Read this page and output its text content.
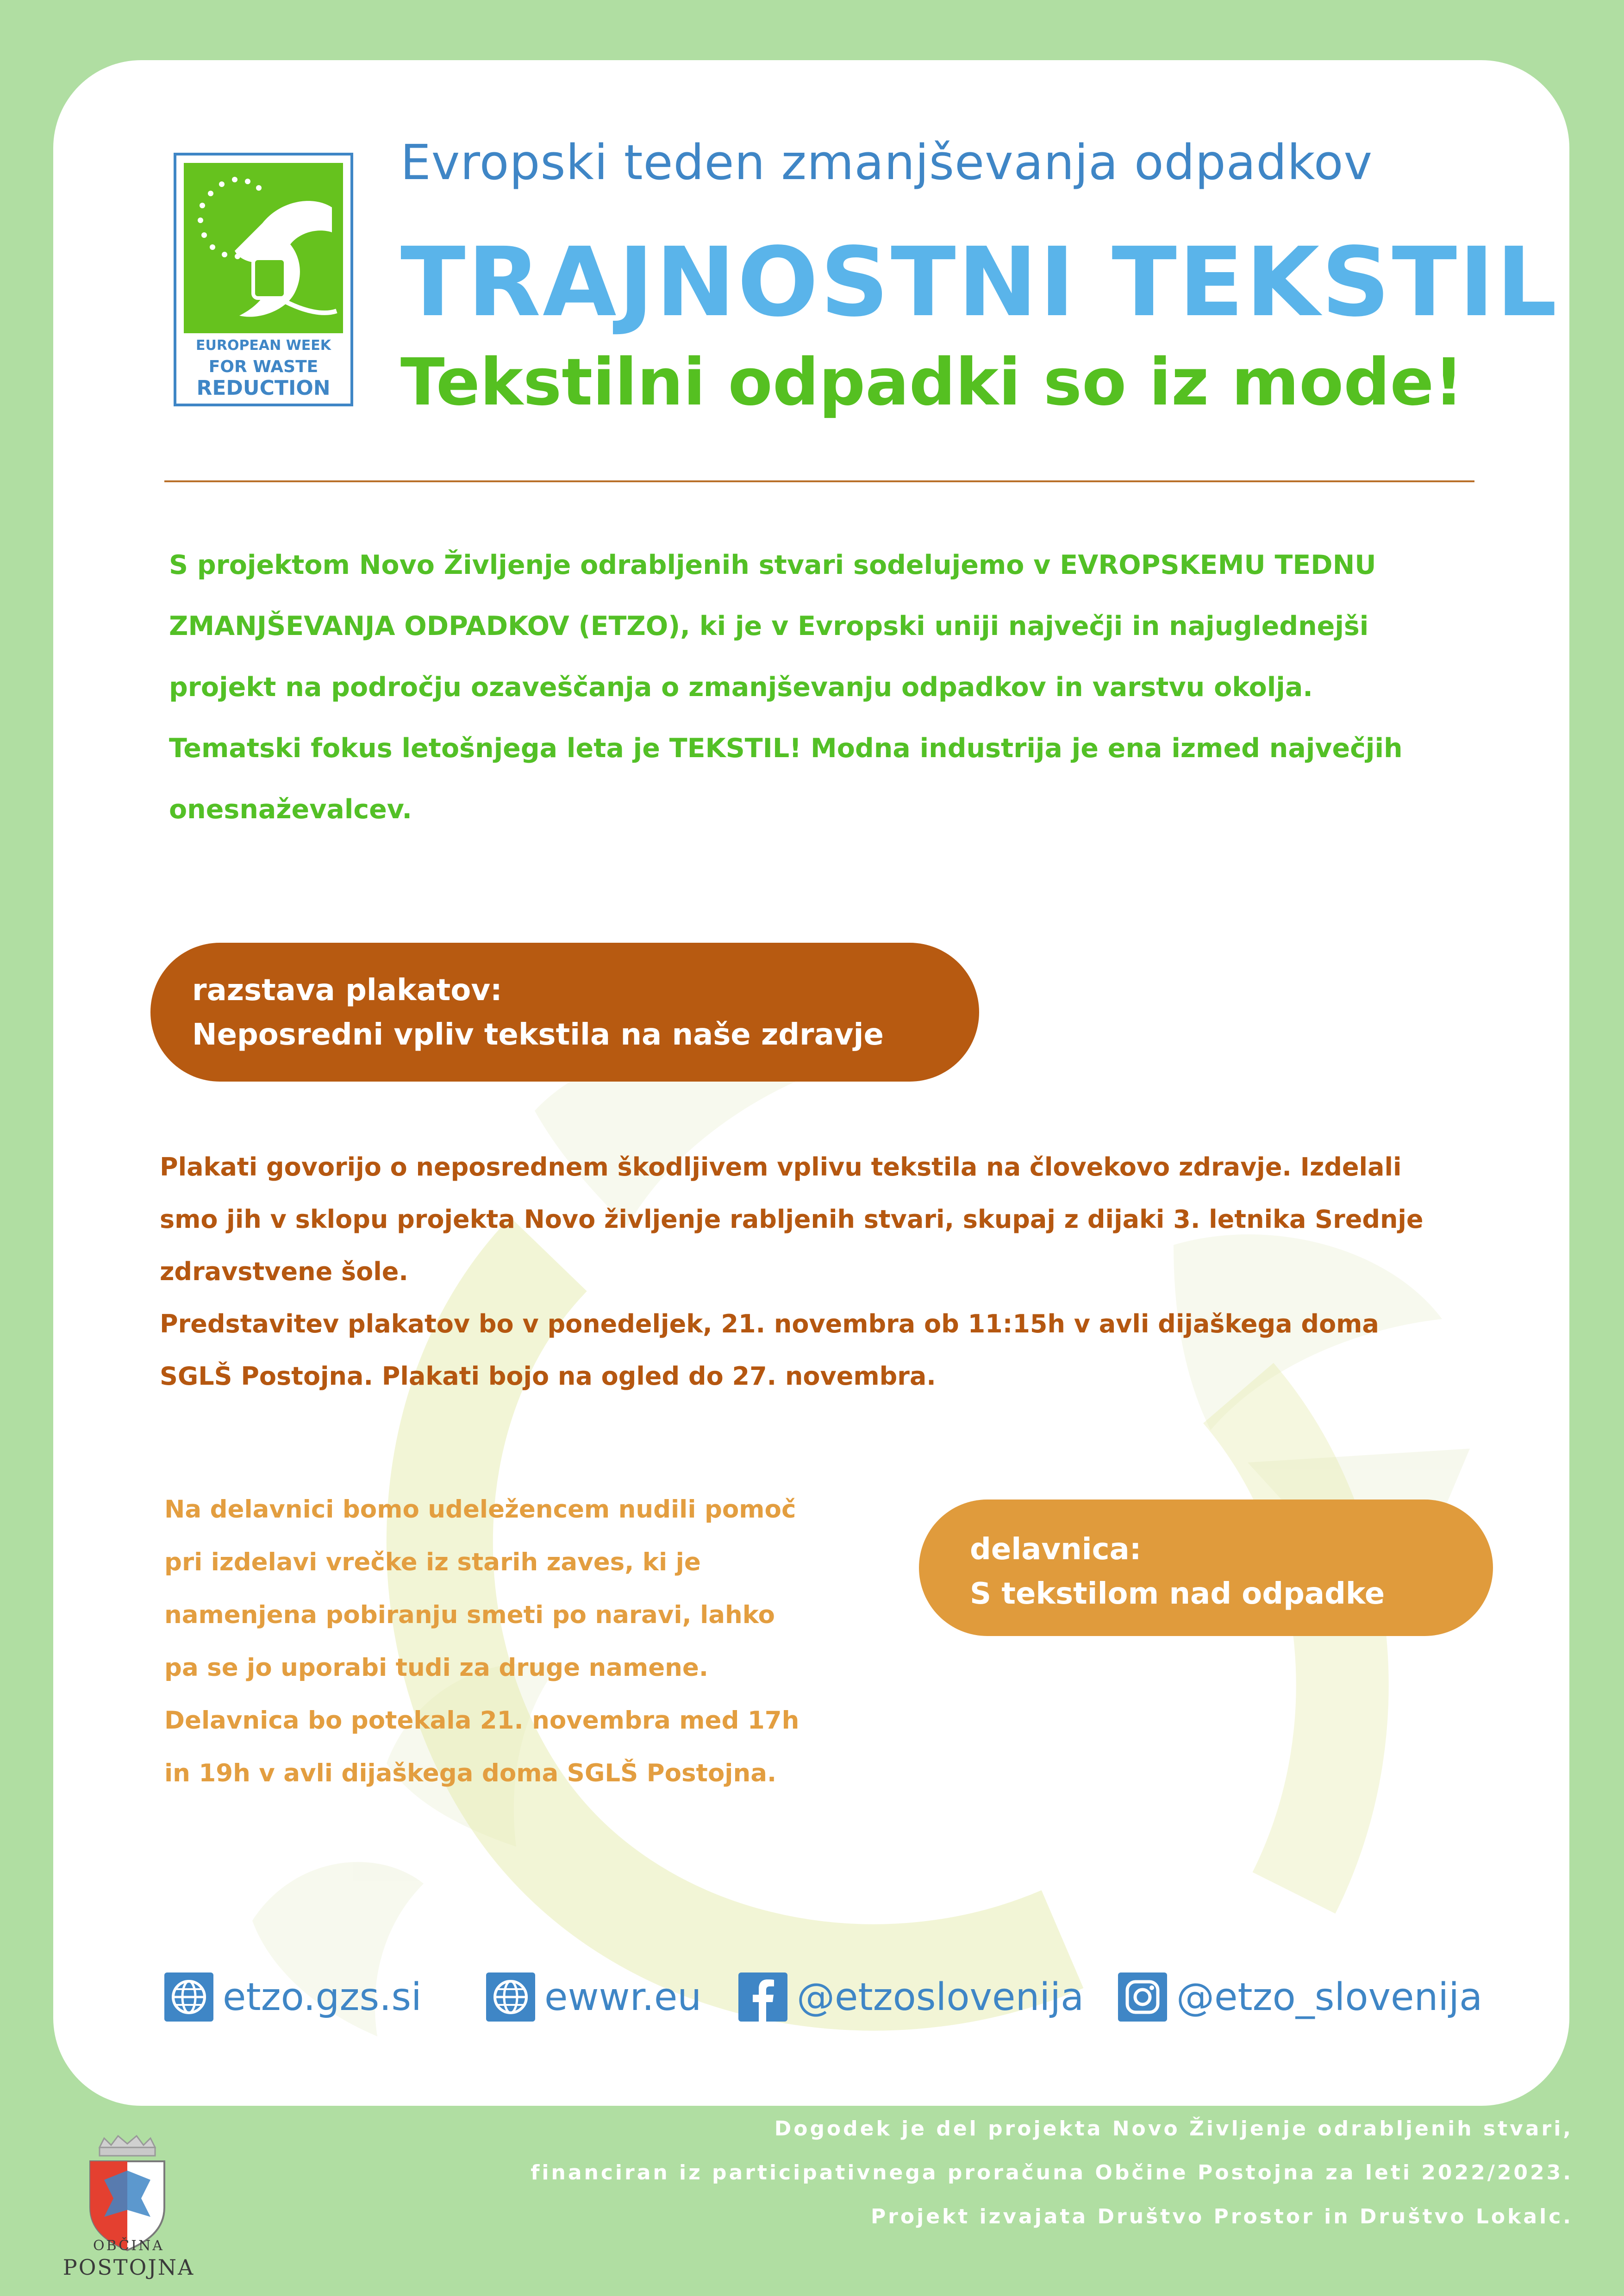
EUROPEAN WEEK
FOR WASTE
REDUCTION
Evropski teden zmanjševanja odpadkov
TRAJNOSTNI TEKSTIL
Tekstilni odpadki so iz mode!

S projektom Novo Življenje odrabljenih stvari sodelujemo v EVROPSKEMU TEDNU
ZMANJŠEVANJA ODPADKOV (ETZO), ki je v Evropski uniji največji in najuglednejši
projekt na področju ozaveščanja o zmanjševanju odpadkov in varstvu okolja.
Tematski fokus letošnjega leta je TEKSTIL! Modna industrija je ena izmed največjih
onesnaževalcev.

razstava plakatov:
Neposredni vpliv tekstila na naše zdravje

Plakati govorijo o neposrednem škodljivem vplivu tekstila na človekovo zdravje. Izdelali
smo jih v sklopu projekta Novo življenje rabljenih stvari, skupaj z dijaki 3. letnika Srednje
zdravstvene šole.
Predstavitev plakatov bo v ponedeljek, 21. novembra ob 11:15h v avli dijaškega doma
SGLŠ Postojna. Plakati bojo na ogled do 27. novembra.

Na delavnici bomo udeležencem nudili pomoč
pri izdelavi vrečke iz starih zaves, ki je
namenjena pobiranju smeti po naravi, lahko
pa se jo uporabi tudi za druge namene.
Delavnica bo potekala 21. novembra med 17h
in 19h v avli dijaškega doma SGLŠ Postojna.

delavnica:
S tekstilom nad odpadke
etzo.gzs.si	ewwr.eu	@etzoslovenija @etzo_slovenija
OBČINA
POSTOJNA

Dogodek je del projekta Novo Življenje odrabljenih stvari,
financiran iz participativnega proračuna Občine Postojna za leti 2022/2023.
Projekt izvajata Društvo Prostor in Društvo Lokalc.
